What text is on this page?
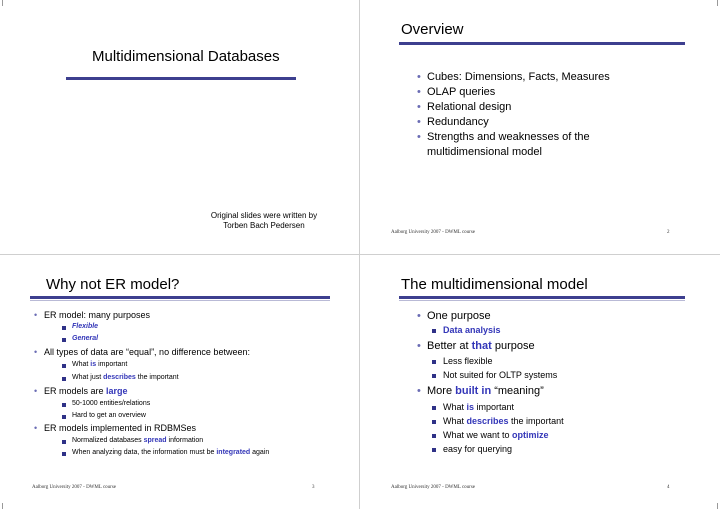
Multidimensional Databases
Original slides were written by
Torben Bach Pedersen
Overview
• Cubes: Dimensions, Facts, Measures
• OLAP queries
• Relational design
• Redundancy
• Strengths and weaknesses of the
multidimensional model
Aalborg University 2007 - DWML course	2
Why not ER model?
• ER model: many purposes
Flexible
General
• All types of data are “equal”, no difference between:
What is important
What just describes the important
• ER models are large
50-1000 entities/relations
Hard to get an overview
• ER models implemented in RDBMSes
Normalized databases spread information
When analyzing data, the information must be integrated again
Aalborg University 2007 - DWML course	3
The multidimensional model
• One purpose
Data analysis
• Better at that purpose
Less flexible
Not suited for OLTP systems
• More built in “meaning”
What is important
What describes the important
What we want to optimize
easy for querying
Aalborg University 2007 - DWML course	4
